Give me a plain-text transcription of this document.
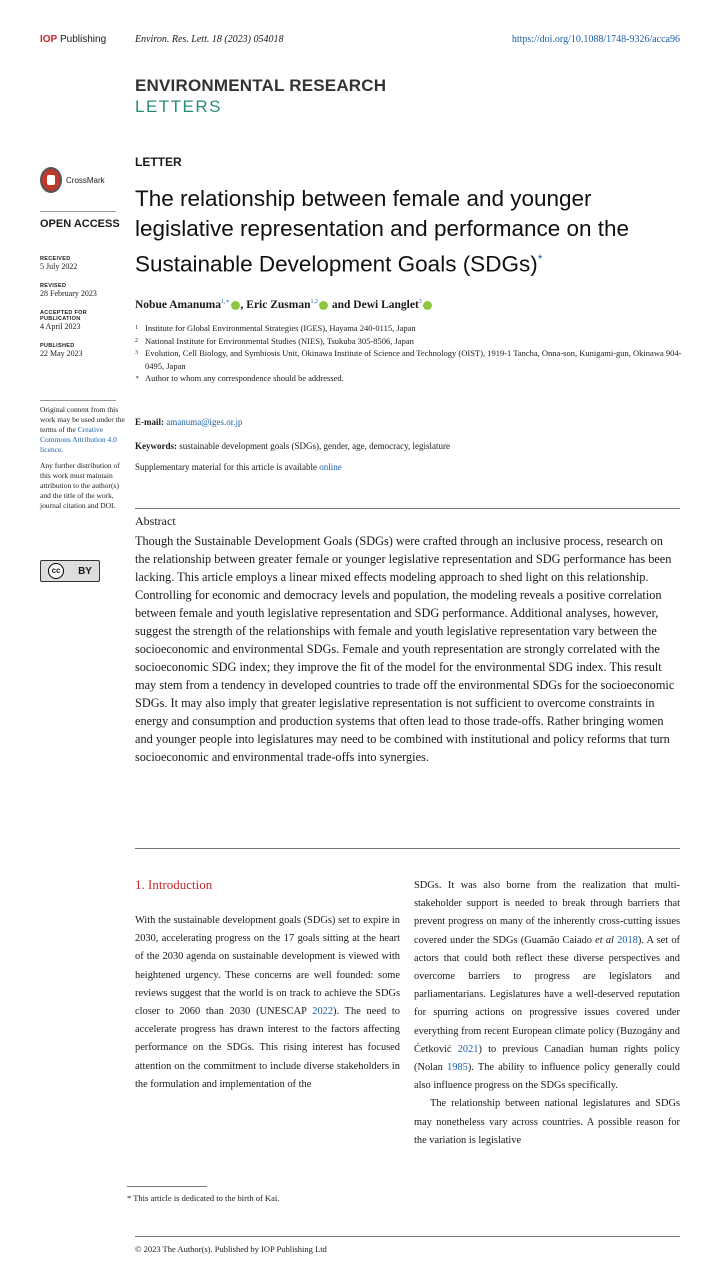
IOP Publishing	Environ. Res. Lett. 18 (2023) 054018	https://doi.org/10.1088/1748-9326/acca96
ENVIRONMENTAL RESEARCH
LETTERS
CrossMark
OPEN ACCESS
RECEIVED
5 July 2022
REVISED
28 February 2023
ACCEPTED FOR PUBLICATION
4 April 2023
PUBLISHED
22 May 2023
Original content from this work may be used under the terms of the Creative Commons Attribution 4.0 licence.
Any further distribution of this work must maintain attribution to the author(s) and the title of the work, journal citation and DOI.
cc	BY
LETTER
The relationship between female and younger legislative representation and performance on the Sustainable Development Goals (SDGs)*
Nobue Amanuma$^{1,∗}$ , Eric Zusman$^{1,2}$ and Dewi Langlet$^3$
1 Institute for Global Environmental Strategies (IGES), Hayama 240-0115, Japan
2 National Institute for Environmental Studies (NIES), Tsukuba 305-8506, Japan
3 Evolution, Cell Biology, and Symbiosis Unit, Okinawa Institute of Science and Technology (OIST), 1919-1 Tancha, Onna-son, Kunigami-gun, Okinawa 904-0495, Japan
∗ Author to whom any correspondence should be addressed.
E-mail: amanuma@iges.or.jp
Keywords: sustainable development goals (SDGs), gender, age, democracy, legislature
Supplementary material for this article is available online
Abstract
Though the Sustainable Development Goals (SDGs) were crafted through an inclusive process, research on the relationship between greater female or younger legislative representation and SDG performance has been lacking. This article employs a linear mixed effects modeling approach to shed light on this relationship. Controlling for economic and democracy levels and population, the modeling reveals a positive correlation between female and youth legislative representation and SDG performance. Additional analyses, however, suggest the strength of the relationships with female and youth legislative representation vary between the socioeconomic and environmental SDGs. Female and youth representation are strongly correlated with the socioeconomic SDG index; they improve the fit of the model for the environmental SDG index. This result may stem from a tendency in developed countries to trade off the environmental SDGs for the socioeconomic SDGs. It may also imply that greater legislative representation is not sufficient to overcome constraints in energy and consumption and production systems that often lead to those trade-offs. Rather bringing women and younger people into legislatures may need to be combined with institutional and policy reforms that turn socioeconomic and environmental trade-offs into synergies.
1. Introduction
With the sustainable development goals (SDGs) set to expire in 2030, accelerating progress on the 17 goals sitting at the heart of the 2030 agenda on sustainable development is viewed with heightened urgency. These concerns are well founded: some reviews suggest that the world is on track to achieve the SDGs closer to 2060 than 2030 (UNESCAP 2022). The need to accelerate progress has drawn interest to the factors affecting performance on the SDGs. This rising interest has focused attention on the commitment to include diverse stakeholders in the formulation and implementation of the

SDGs. It was also borne from the realization that multi-stakeholder support is needed to break through barriers that prevent progress on many of the inherently cross-cutting issues covered under the SDGs (Guamão Caiado et al 2018). A set of actors that could both reflect these diverse perspectives and overcome barriers to progress are legislators and parliamentarians. Legislatures have a well-deserved reputation for spurring actions on progressive issues covered under everything from recent European climate policy (Buzogány and Ćetković 2021) to previous Canadian human rights policy (Nolan 1985). The ability to influence policy generally could also influence progress on the SDGs specifically.

The relationship between national legislatures and SDGs may nonetheless vary across countries. A possible reason for the variation is legislative

* This article is dedicated to the birth of Kai.
© 2023 The Author(s). Published by IOP Publishing Ltd
